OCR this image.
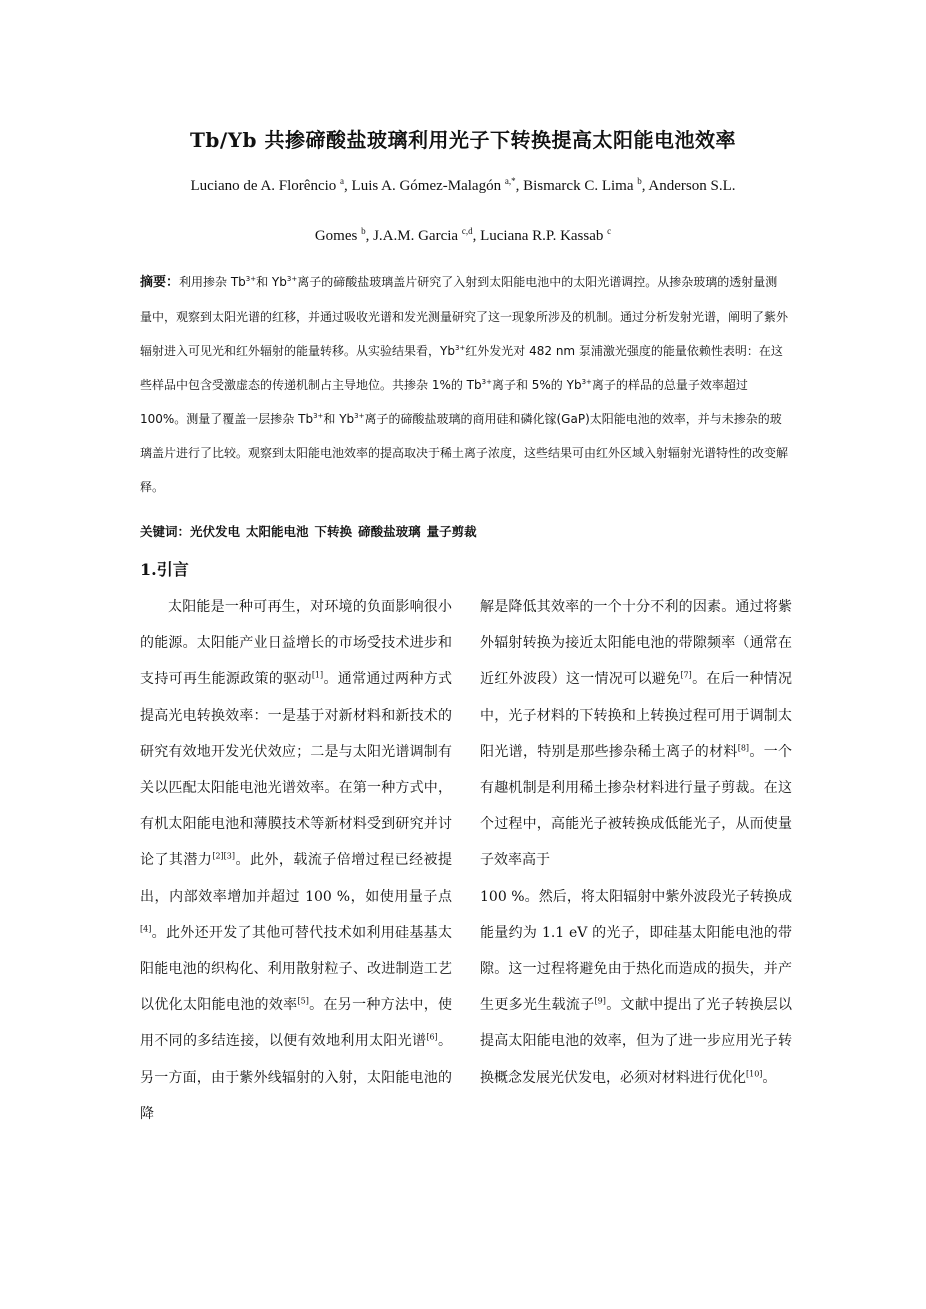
Tb/Yb 共掺碲酸盐玻璃利用光子下转换提高太阳能电池效率
Luciano de A. Florêncio $^a$, Luis A. Gómez-Malagón $^{a,*}$, Bismarck C. Lima $^b$, Anderson S.L.
Gomes $^b$, J.A.M. Garcia $^{c,d}$, Luciana R.P. Kassab $^c$
摘要：利用掺杂 $Tb^{3+}$和 $Yb^{3+}$离子的碲酸盐玻璃盖片研究了入射到太阳能电池中的太阳光谱调控。从掺杂玻璃的透射量测量中，观察到太阳光谱的红移，并通过吸收光谱和发光测量研究了这一现象所涉及的机制。通过分析发射光谱，阐明了紫外辐射进入可见光和红外辐射的能量转移。从实验结果看，$Yb^{3+}$红外发光对 482 nm 泵浦激光强度的能量依赖性表明：在这些样品中包含受激虚态的传递机制占主导地位。共掺杂 1%的 $Tb^{3+}$离子和 5%的 $Yb^{3+}$离子的样品的总量子效率超过 100%。测量了覆盖一层掺杂 $Tb^{3+}$和 $Yb^{3+}$离子的碲酸盐玻璃的商用硅和磷化镓(GaP)太阳能电池的效率，并与未掺杂的玻璃盖片进行了比较。观察到太阳能电池效率的提高取决于稀土离子浓度，这些结果可由红外区域入射辐射光谱特性的改变解释。
关键词：光伏发电 太阳能电池 下转换 碲酸盐玻璃 量子剪裁
1.引言
太阳能是一种可再生，对环境的负面影响很小的能源。太阳能产业日益增长的市场受技术进步和支持可再生能源政策的驱动[1]。通常通过两种方式提高光电转换效率：一是基于对新材料和新技术的研究有效地开发光伏效应；二是与太阳光谱调制有关以匹配太阳能电池光谱效率。在第一种方式中，有机太阳能电池和薄膜技术等新材料受到研究并讨论了其潜力[2][3]。此外，载流子倍增过程已经被提出，内部效率增加并超过 100 %，如使用量子点[4]。此外还开发了其他可替代技术如利用硅基基太阳能电池的织构化、利用散射粒子、改进制造工艺以优化太阳能电池的效率[5]。在另一种方法中，使用不同的多结连接，以便有效地利用太阳光谱[6]。另一方面，由于紫外线辐射的入射，太阳能电池的降
解是降低其效率的一个十分不利的因素。通过将紫外辐射转换为接近太阳能电池的带隙频率（通常在近红外波段）这一情况可以避免[7]。在后一种情况中，光子材料的下转换和上转换过程可用于调制太阳光谱，特别是那些掺杂稀土离子的材料[8]。一个有趣机制是利用稀土掺杂材料进行量子剪裁。在这个过程中，高能光子被转换成低能光子，从而使量子效率高于
100 %。然后，将太阳辐射中紫外波段光子转换成能量约为 1.1 eV 的光子，即硅基太阳能电池的带隙。这一过程将避免由于热化而造成的损失，并产生更多光生载流子[9]。文献中提出了光子转换层以提高太阳能电池的效率，但为了进一步应用光子转换概念发展光伏发电，必须对材料进行优化[10]。
